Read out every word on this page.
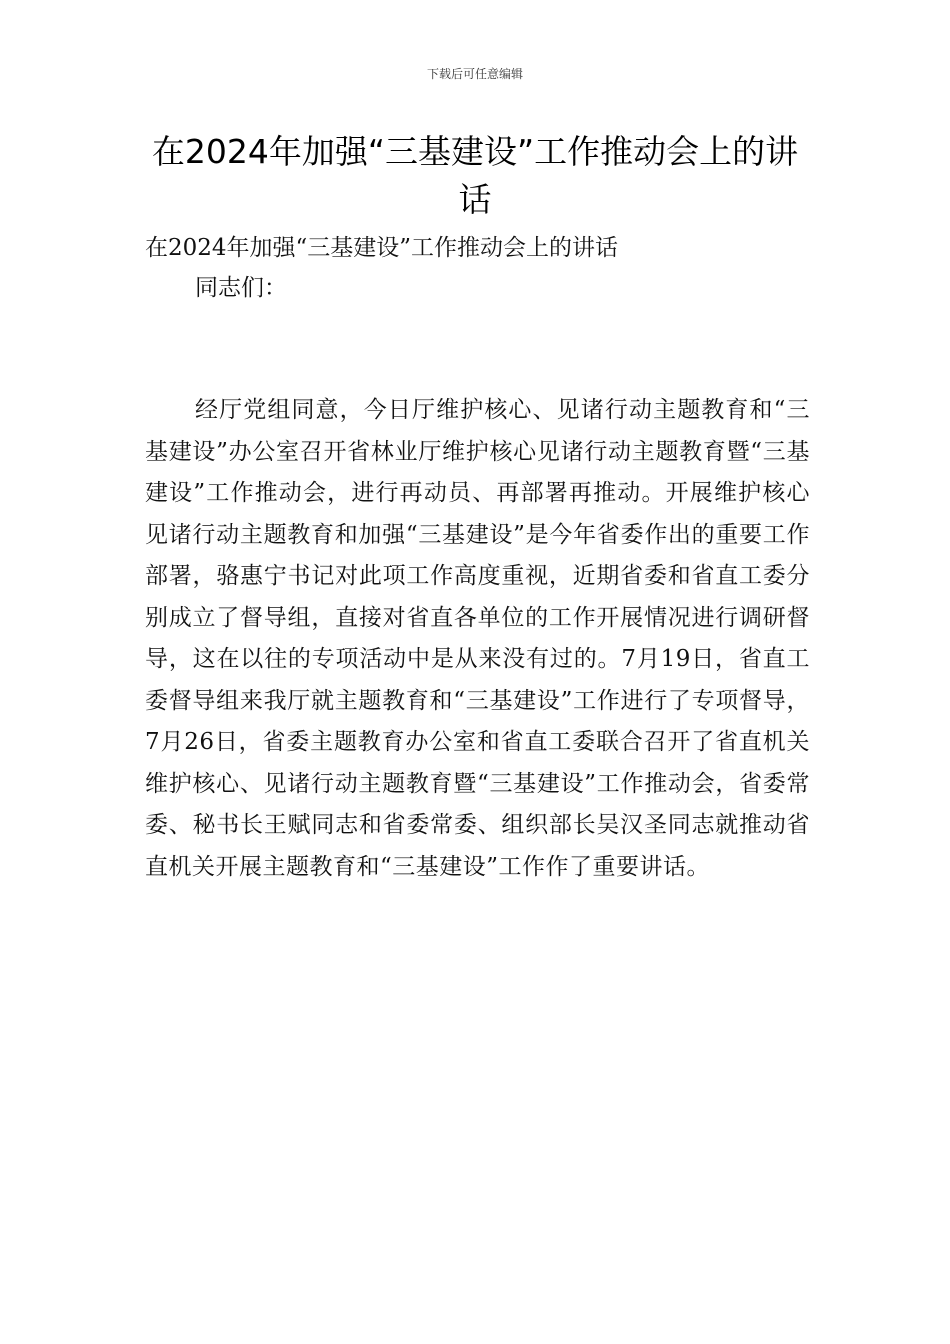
下载后可任意编辑
在2024年加强“三基建设”工作推动会上的讲话

在2024年加强“三基建设”工作推动会上的讲话

同志们：

经厅党组同意，今日厅维护核心、见诸行动主题教育和“三基建设”办公室召开省林业厅维护核心见诸行动主题教育暨“三基建设”工作推动会，进行再动员、再部署再推动。开展维护核心见诸行动主题教育和加强“三基建设”是今年省委作出的重要工作部署，骆惠宁书记对此项工作高度重视，近期省委和省直工委分别成立了督导组，直接对省直各单位的工作开展情况进行调研督导，这在以往的专项活动中是从来没有过的。7月19日，省直工委督导组来我厅就主题教育和“三基建设”工作进行了专项督导，7月26日，省委主题教育办公室和省直工委联合召开了省直机关维护核心、见诸行动主题教育暨“三基建设”工作推动会，省委常委、秘书长王赋同志和省委常委、组织部长吴汉圣同志就推动省直机关开展主题教育和“三基建设”工作作了重要讲话。
